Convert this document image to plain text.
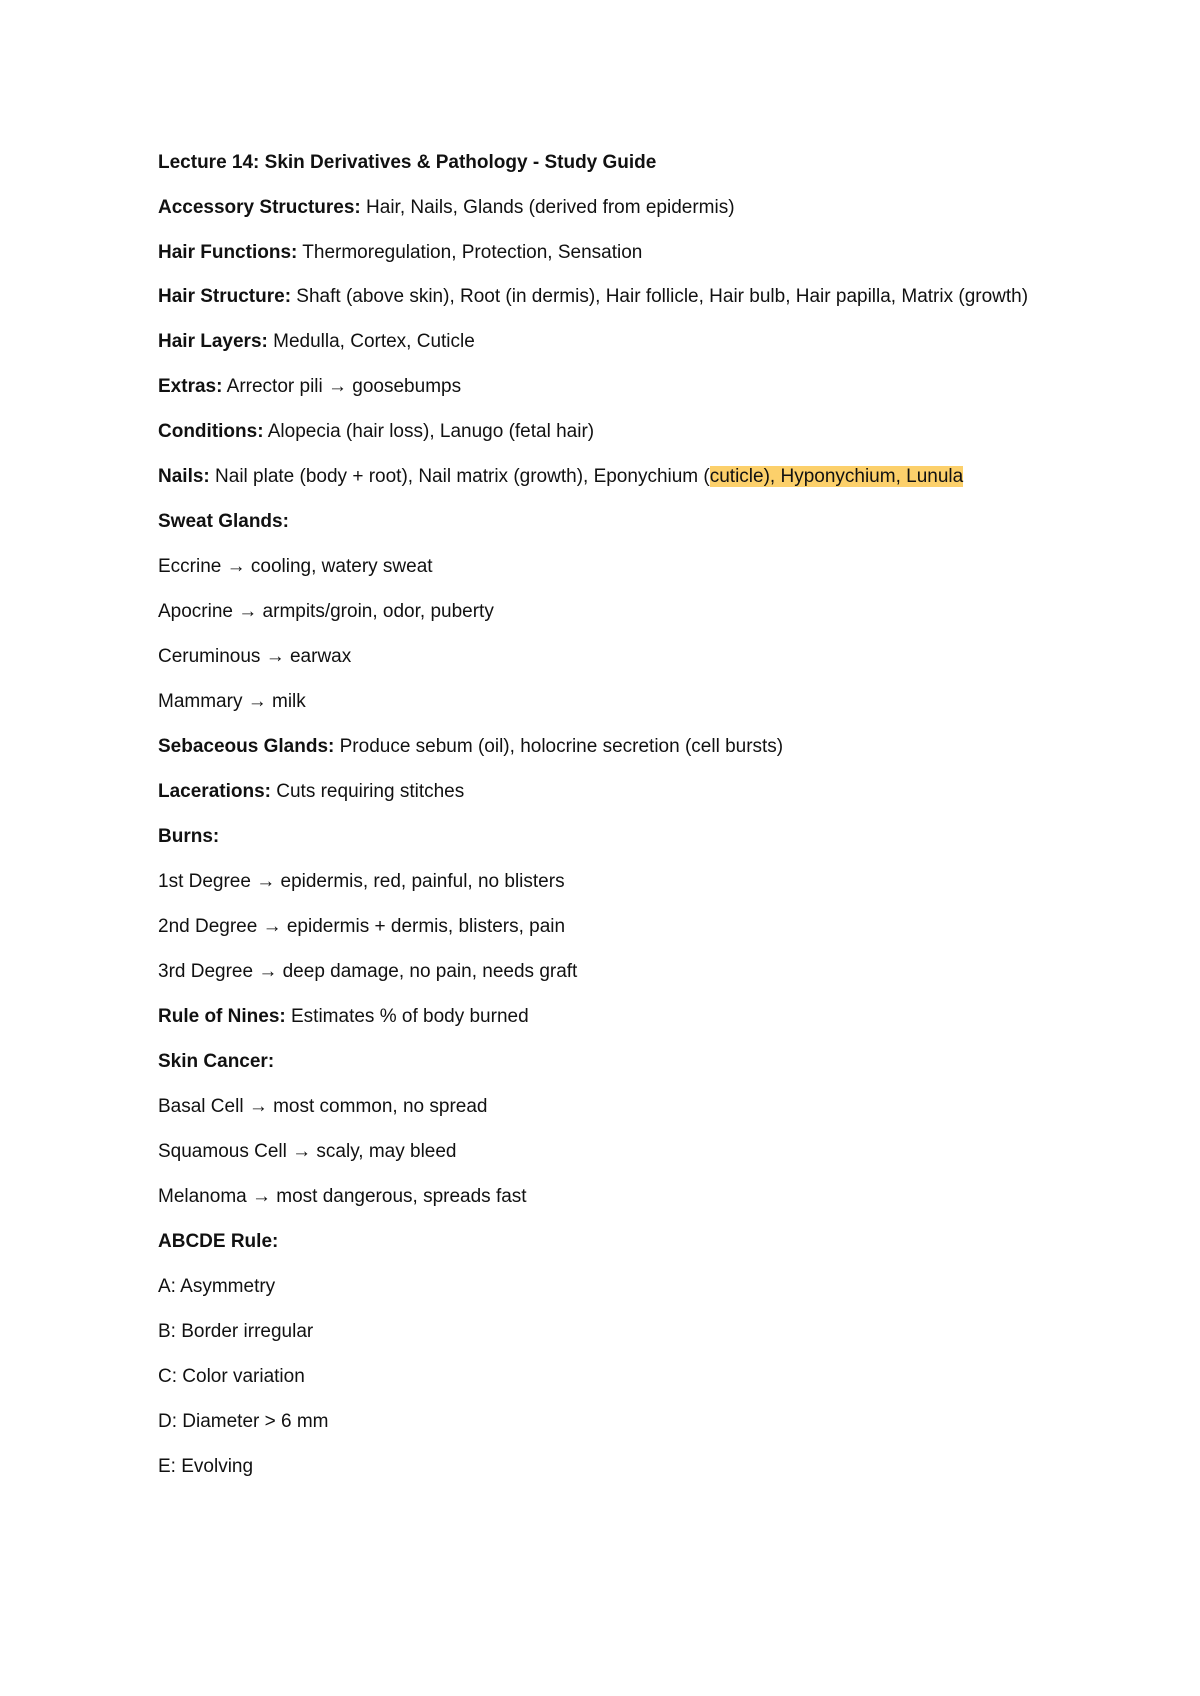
Lecture 14: Skin Derivatives & Pathology - Study Guide
Accessory Structures: Hair, Nails, Glands (derived from epidermis)
Hair Functions: Thermoregulation, Protection, Sensation
Hair Structure: Shaft (above skin), Root (in dermis), Hair follicle, Hair bulb, Hair papilla, Matrix (growth)
Hair Layers: Medulla, Cortex, Cuticle
Extras: Arrector pili → goosebumps
Conditions: Alopecia (hair loss), Lanugo (fetal hair)
Nails: Nail plate (body + root), Nail matrix (growth), Eponychium (cuticle), Hyponychium, Lunula
Sweat Glands:
Eccrine → cooling, watery sweat
Apocrine → armpits/groin, odor, puberty
Ceruminous → earwax
Mammary → milk
Sebaceous Glands: Produce sebum (oil), holocrine secretion (cell bursts)
Lacerations: Cuts requiring stitches
Burns:
1st Degree → epidermis, red, painful, no blisters
2nd Degree → epidermis + dermis, blisters, pain
3rd Degree → deep damage, no pain, needs graft
Rule of Nines: Estimates % of body burned
Skin Cancer:
Basal Cell → most common, no spread
Squamous Cell → scaly, may bleed
Melanoma → most dangerous, spreads fast
ABCDE Rule:
A: Asymmetry
B: Border irregular
C: Color variation
D: Diameter > 6 mm
E: Evolving
